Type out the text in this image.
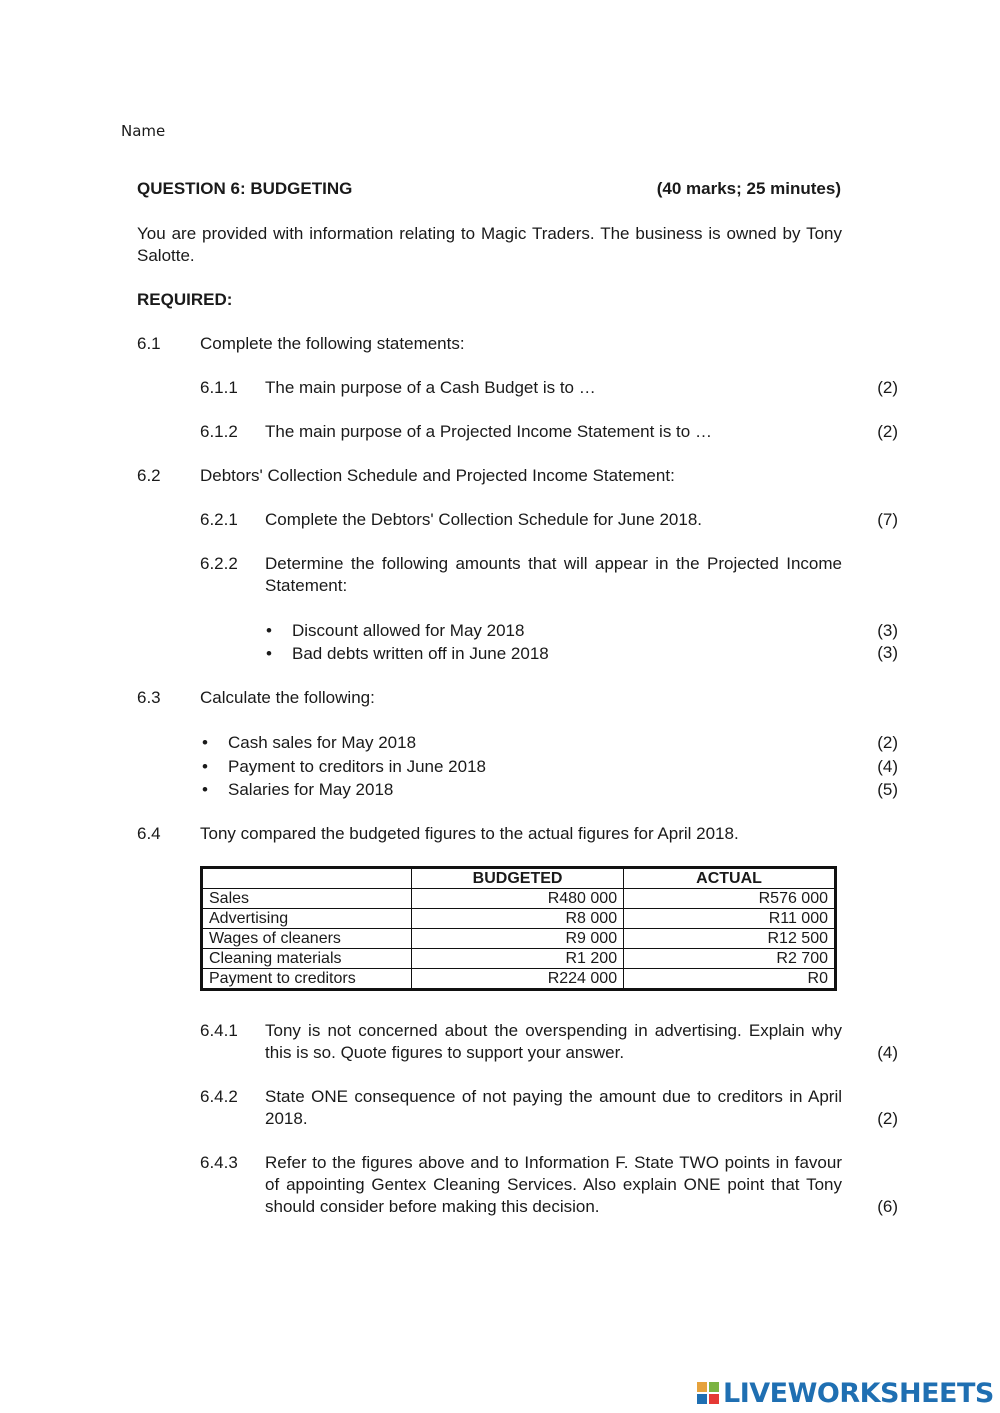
Name
QUESTION 6: BUDGETING	(40 marks; 25 minutes)
You are provided with information relating to Magic Traders. The business is owned by Tony Salotte.
REQUIRED:
6.1 Complete the following statements:
6.1.1 The main purpose of a Cash Budget is to …	(2)
6.1.2 The main purpose of a Projected Income Statement is to …	(2)
6.2 Debtors' Collection Schedule and Projected Income Statement:
6.2.1 Complete the Debtors' Collection Schedule for June 2018.	(7)
6.2.2 Determine the following amounts that will appear in the Projected Income Statement:
• Discount allowed for May 2018	(3)
• Bad debts written off in June 2018	(3)
6.3 Calculate the following:
• Cash sales for May 2018	(2)
• Payment to creditors in June 2018	(4)
• Salaries for May 2018	(5)
6.4 Tony compared the budgeted figures to the actual figures for April 2018.
	BUDGETED	ACTUAL
Sales	R480 000	R576 000
Advertising	R8 000	R11 000
Wages of cleaners	R9 000	R12 500
Cleaning materials	R1 200	R2 700
Payment to creditors	R224 000	R0
6.4.1 Tony is not concerned about the overspending in advertising. Explain why this is so. Quote figures to support your answer.	(4)
6.4.2 State ONE consequence of not paying the amount due to creditors in April 2018.	(2)
6.4.3 Refer to the figures above and to Information F. State TWO points in favour of appointing Gentex Cleaning Services. Also explain ONE point that Tony should consider before making this decision.	(6)
LIVEWORKSHEETS
